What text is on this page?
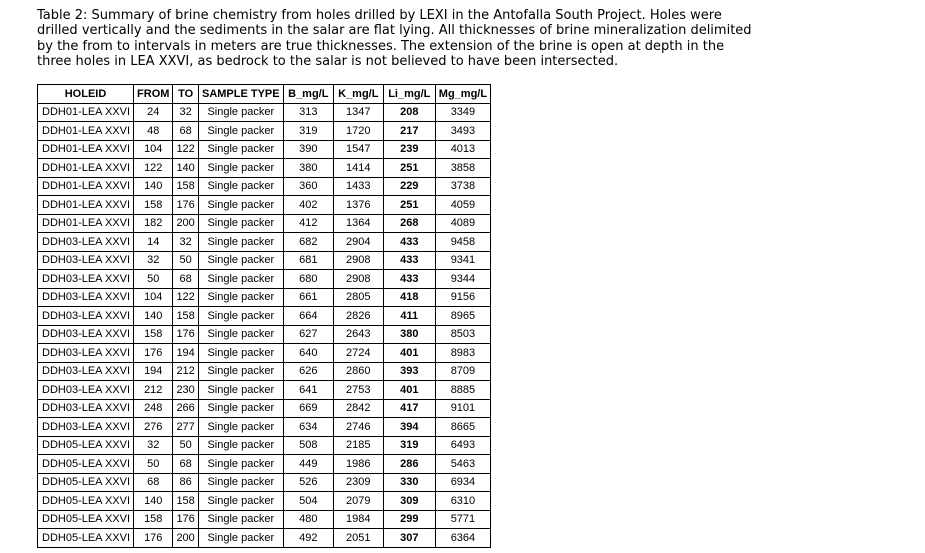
Table 2: Summary of brine chemistry from holes drilled by LEXI in the Antofalla South Project. Holes were

drilled vertically and the sediments in the salar are flat lying. All thicknesses of brine mineralization delimited

by the from to intervals in meters are true thicknesses. The extension of the brine is open at depth in the

three holes in LEA XXVI, as bedrock to the salar is not believed to have been intersected.

HOLEID	FROM	TO	SAMPLE TYPE	B_mg/L	K_mg/L	Li_mg/L	Mg_mg/L
DDH01-LEA XXVI	24	32	Single packer	313	1347	208	3349
DDH01-LEA XXVI	48	68	Single packer	319	1720	217	3493
DDH01-LEA XXVI	104	122	Single packer	390	1547	239	4013
DDH01-LEA XXVI	122	140	Single packer	380	1414	251	3858
DDH01-LEA XXVI	140	158	Single packer	360	1433	229	3738
DDH01-LEA XXVI	158	176	Single packer	402	1376	251	4059
DDH01-LEA XXVI	182	200	Single packer	412	1364	268	4089
DDH03-LEA XXVI	14	32	Single packer	682	2904	433	9458
DDH03-LEA XXVI	32	50	Single packer	681	2908	433	9341
DDH03-LEA XXVI	50	68	Single packer	680	2908	433	9344
DDH03-LEA XXVI	104	122	Single packer	661	2805	418	9156
DDH03-LEA XXVI	140	158	Single packer	664	2826	411	8965
DDH03-LEA XXVI	158	176	Single packer	627	2643	380	8503
DDH03-LEA XXVI	176	194	Single packer	640	2724	401	8983
DDH03-LEA XXVI	194	212	Single packer	626	2860	393	8709
DDH03-LEA XXVI	212	230	Single packer	641	2753	401	8885
DDH03-LEA XXVI	248	266	Single packer	669	2842	417	9101
DDH03-LEA XXVI	276	277	Single packer	634	2746	394	8665
DDH05-LEA XXVI	32	50	Single packer	508	2185	319	6493
DDH05-LEA XXVI	50	68	Single packer	449	1986	286	5463
DDH05-LEA XXVI	68	86	Single packer	526	2309	330	6934
DDH05-LEA XXVI	140	158	Single packer	504	2079	309	6310
DDH05-LEA XXVI	158	176	Single packer	480	1984	299	5771
DDH05-LEA XXVI	176	200	Single packer	492	2051	307	6364
